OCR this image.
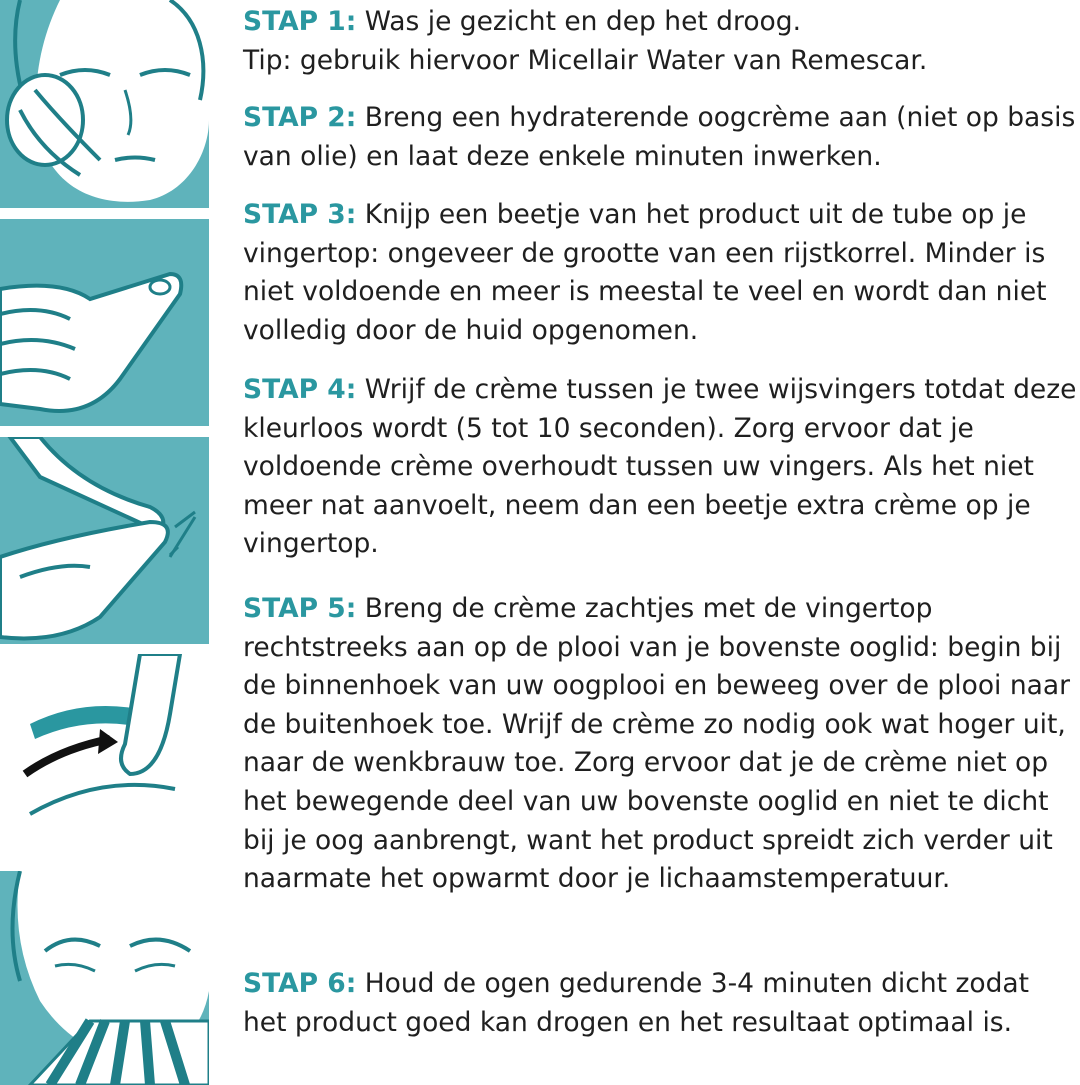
STAP 1: Was je gezicht en dep het droog.
Tip: gebruik hiervoor Micellair Water van Remescar.

STAP 2: Breng een hydraterende oogcrème aan (niet op basis van olie) en laat deze enkele minuten inwerken.

STAP 3: Knijp een beetje van het product uit de tube op je vingertop: ongeveer de grootte van een rijstkorrel. Minder is niet voldoende en meer is meestal te veel en wordt dan niet volledig door de huid opgenomen.

STAP 4: Wrijf de crème tussen je twee wijsvingers totdat deze kleurloos wordt (5 tot 10 seconden). Zorg ervoor dat je voldoende crème overhoudt tussen uw vingers. Als het niet meer nat aanvoelt, neem dan een beetje extra crème op je vingertop.

STAP 5: Breng de crème zachtjes met de vingertop rechtstreeks aan op de plooi van je bovenste ooglid: begin bij de binnenhoek van uw oogplooi en beweeg over de plooi naar de buitenhoek toe. Wrijf de crème zo nodig ook wat hoger uit, naar de wenkbrauw toe. Zorg ervoor dat je de crème niet op het bewegende deel van uw bovenste ooglid en niet te dicht bij je oog aanbrengt, want het product spreidt zich verder uit naarmate het opwarmt door je lichaamstemperatuur.

STAP 6: Houd de ogen gedurende 3-4 minuten dicht zodat het product goed kan drogen en het resultaat optimaal is.
